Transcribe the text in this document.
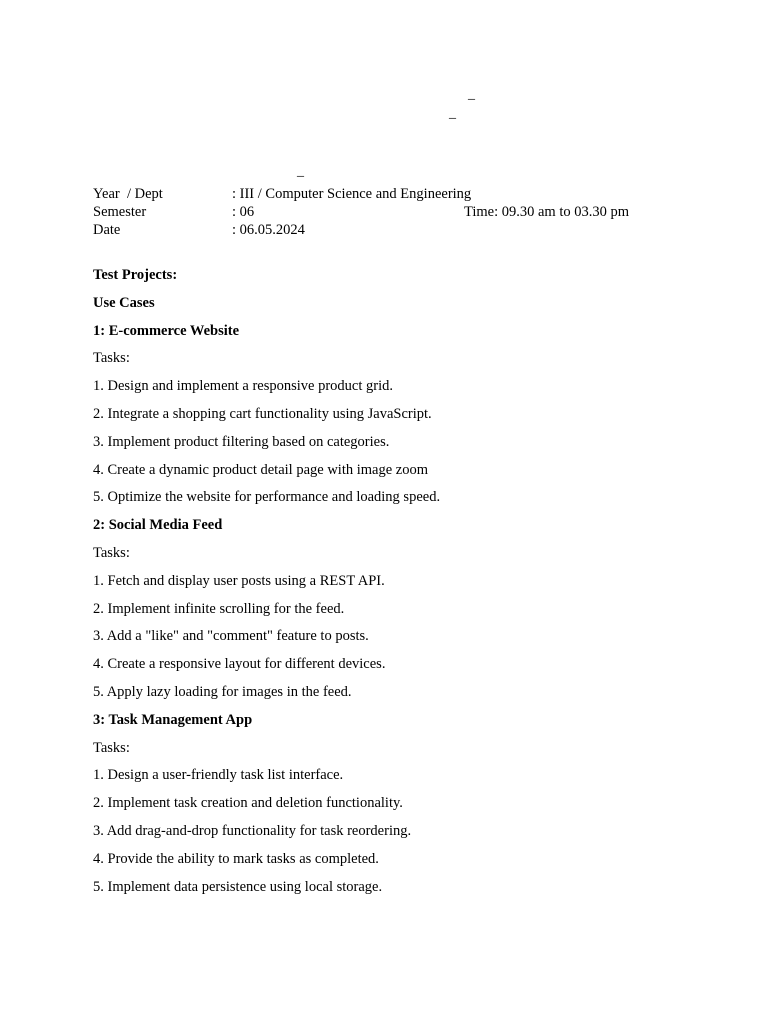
_
_
_
Year  / Dept	: III / Computer Science and Engineering
Semester	: 06	Time: 09.30 am to 03.30 pm
Date	: 06.05.2024
Test Projects:
Use Cases
1: E-commerce Website
Tasks:
1. Design and implement a responsive product grid.
2. Integrate a shopping cart functionality using JavaScript.
3. Implement product filtering based on categories.
4. Create a dynamic product detail page with image zoom
5. Optimize the website for performance and loading speed.
2: Social Media Feed
Tasks:
1. Fetch and display user posts using a REST API.
2. Implement infinite scrolling for the feed.
3. Add a "like" and "comment" feature to posts.
4. Create a responsive layout for different devices.
5. Apply lazy loading for images in the feed.
3: Task Management App
Tasks:
1. Design a user-friendly task list interface.
2. Implement task creation and deletion functionality.
3. Add drag-and-drop functionality for task reordering.
4. Provide the ability to mark tasks as completed.
5. Implement data persistence using local storage.
